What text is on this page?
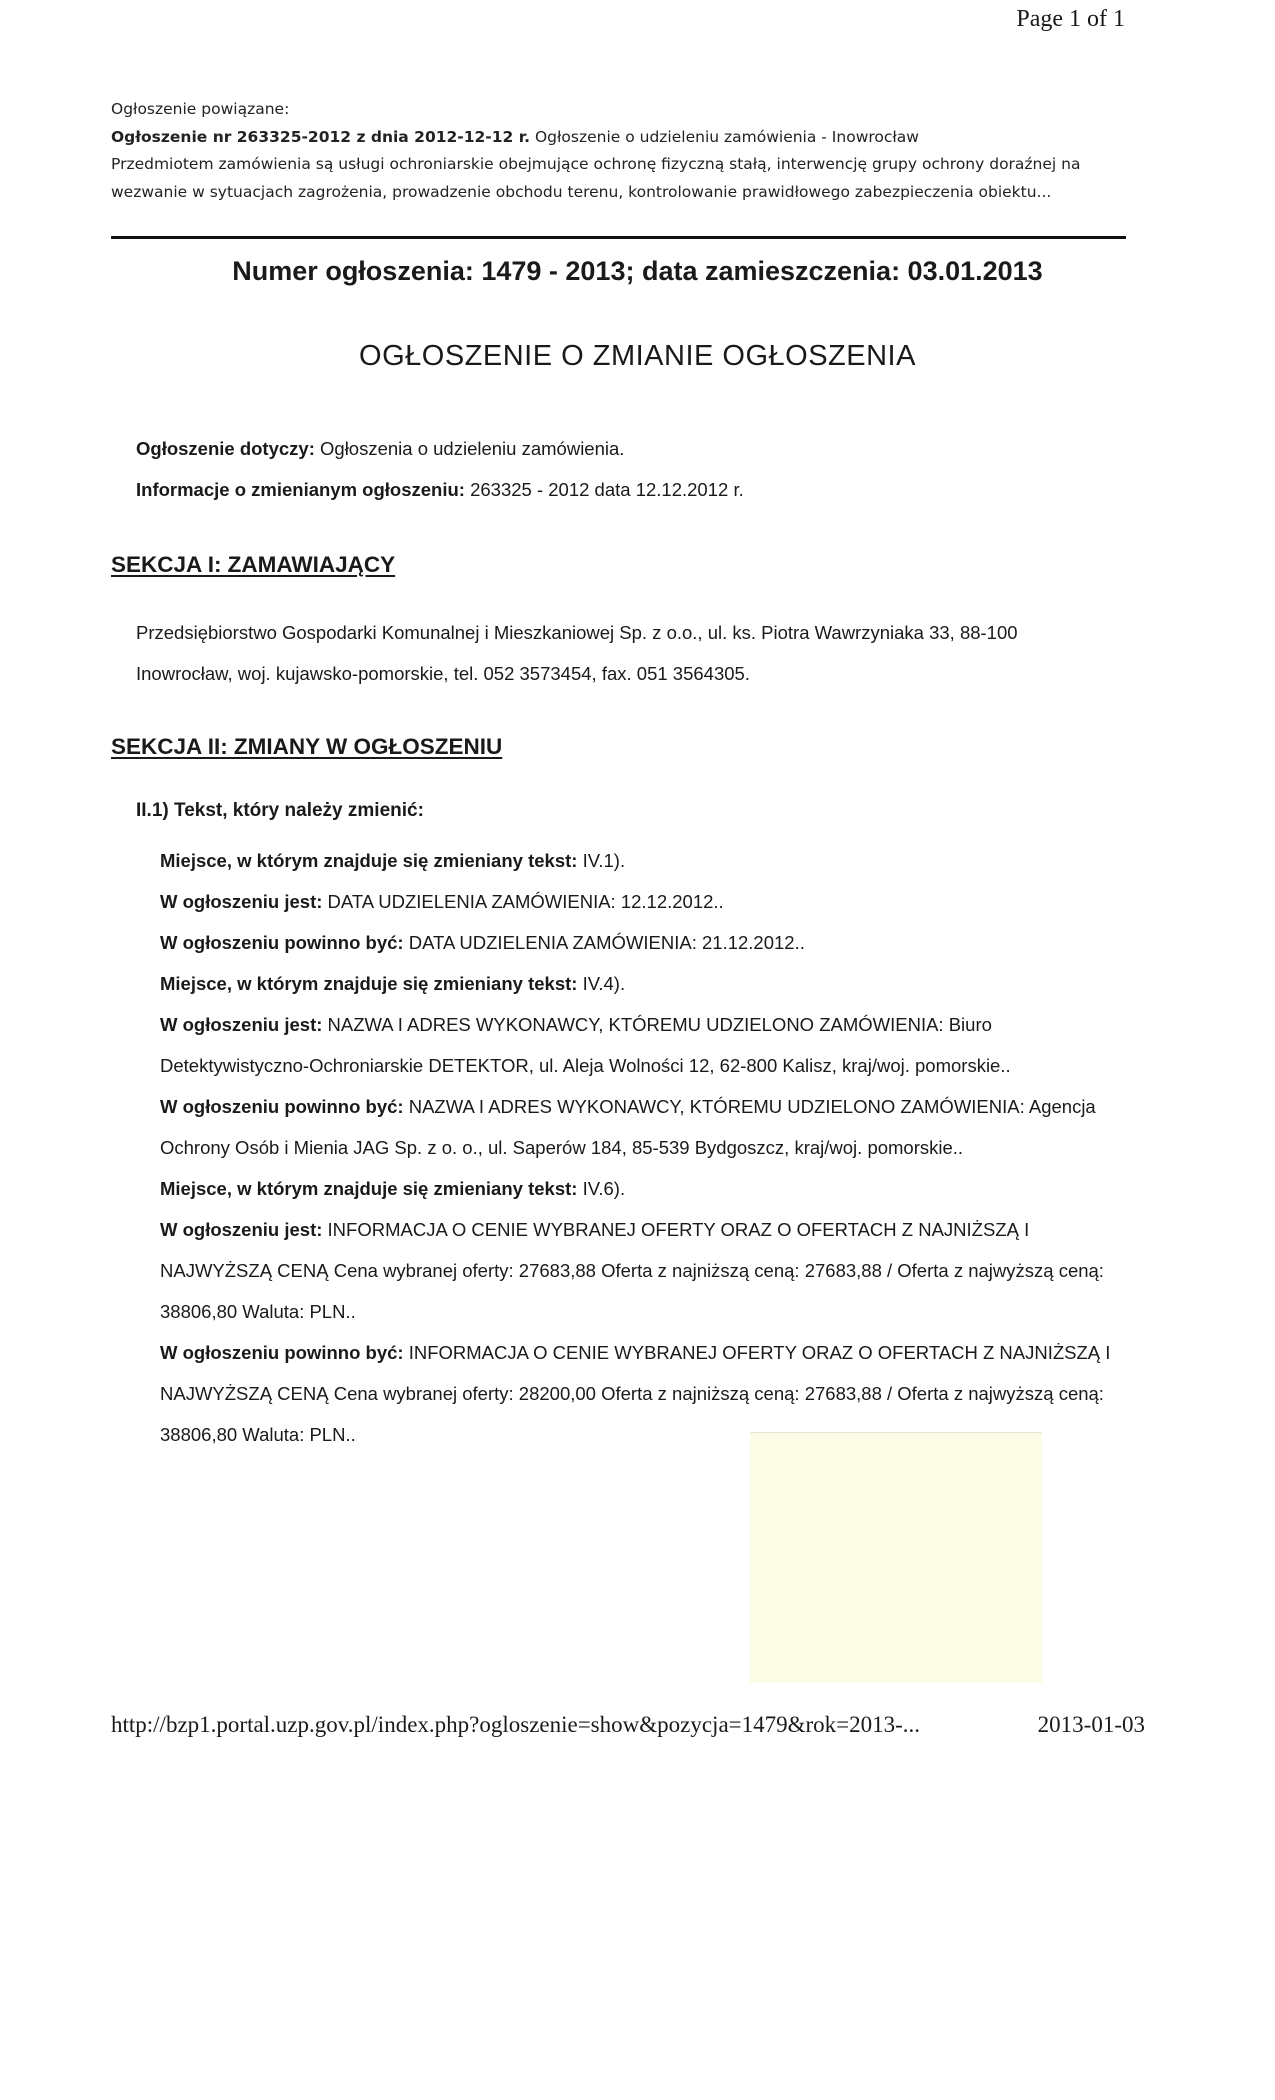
Page 1 of 1
Ogłoszenie powiązane:
Ogłoszenie nr 263325-2012 z dnia 2012-12-12 r. Ogłoszenie o udzieleniu zamówienia - Inowrocław
Przedmiotem zamówienia są usługi ochroniarskie obejmujące ochronę fizyczną stałą, interwencję grupy ochrony doraźnej na wezwanie w sytuacjach zagrożenia, prowadzenie obchodu terenu, kontrolowanie prawidłowego zabezpieczenia obiektu...
Numer ogłoszenia: 1479 - 2013; data zamieszczenia: 03.01.2013
OGŁOSZENIE O ZMIANIE OGŁOSZENIA
Ogłoszenie dotyczy: Ogłoszenia o udzieleniu zamówienia.
Informacje o zmienianym ogłoszeniu: 263325 - 2012 data 12.12.2012 r.
SEKCJA I: ZAMAWIAJĄCY
Przedsiębiorstwo Gospodarki Komunalnej i Mieszkaniowej Sp. z o.o., ul. ks. Piotra Wawrzyniaka 33, 88-100
Inowrocław, woj. kujawsko-pomorskie, tel. 052 3573454, fax. 051 3564305.
SEKCJA II: ZMIANY W OGŁOSZENIU
II.1) Tekst, który należy zmienić:

Miejsce, w którym znajduje się zmieniany tekst: IV.1).

W ogłoszeniu jest: DATA UDZIELENIA ZAMÓWIENIA: 12.12.2012..

W ogłoszeniu powinno być: DATA UDZIELENIA ZAMÓWIENIA: 21.12.2012..

Miejsce, w którym znajduje się zmieniany tekst: IV.4).

W ogłoszeniu jest: NAZWA I ADRES WYKONAWCY, KTÓREMU UDZIELONO ZAMÓWIENIA: Biuro Detektywistyczno-Ochroniarskie DETEKTOR, ul. Aleja Wolności 12, 62-800 Kalisz, kraj/woj. pomorskie..

W ogłoszeniu powinno być: NAZWA I ADRES WYKONAWCY, KTÓREMU UDZIELONO ZAMÓWIENIA: Agencja Ochrony Osób i Mienia JAG Sp. z o. o., ul. Saperów 184, 85-539 Bydgoszcz, kraj/woj. pomorskie..

Miejsce, w którym znajduje się zmieniany tekst: IV.6).

W ogłoszeniu jest: INFORMACJA O CENIE WYBRANEJ OFERTY ORAZ O OFERTACH Z NAJNIŻSZĄ I NAJWYŻSZĄ CENĄ Cena wybranej oferty: 27683,88 Oferta z najniższą ceną: 27683,88 / Oferta z najwyższą ceną: 38806,80 Waluta: PLN..

W ogłoszeniu powinno być: INFORMACJA O CENIE WYBRANEJ OFERTY ORAZ O OFERTACH Z NAJNIŻSZĄ I NAJWYŻSZĄ CENĄ Cena wybranej oferty: 28200,00 Oferta z najniższą ceną: 27683,88 / Oferta z najwyższą ceną: 38806,80 Waluta: PLN..

http://bzp1.portal.uzp.gov.pl/index.php?ogloszenie=show&pozycja=1479&rok=2013-...	2013-01-03
